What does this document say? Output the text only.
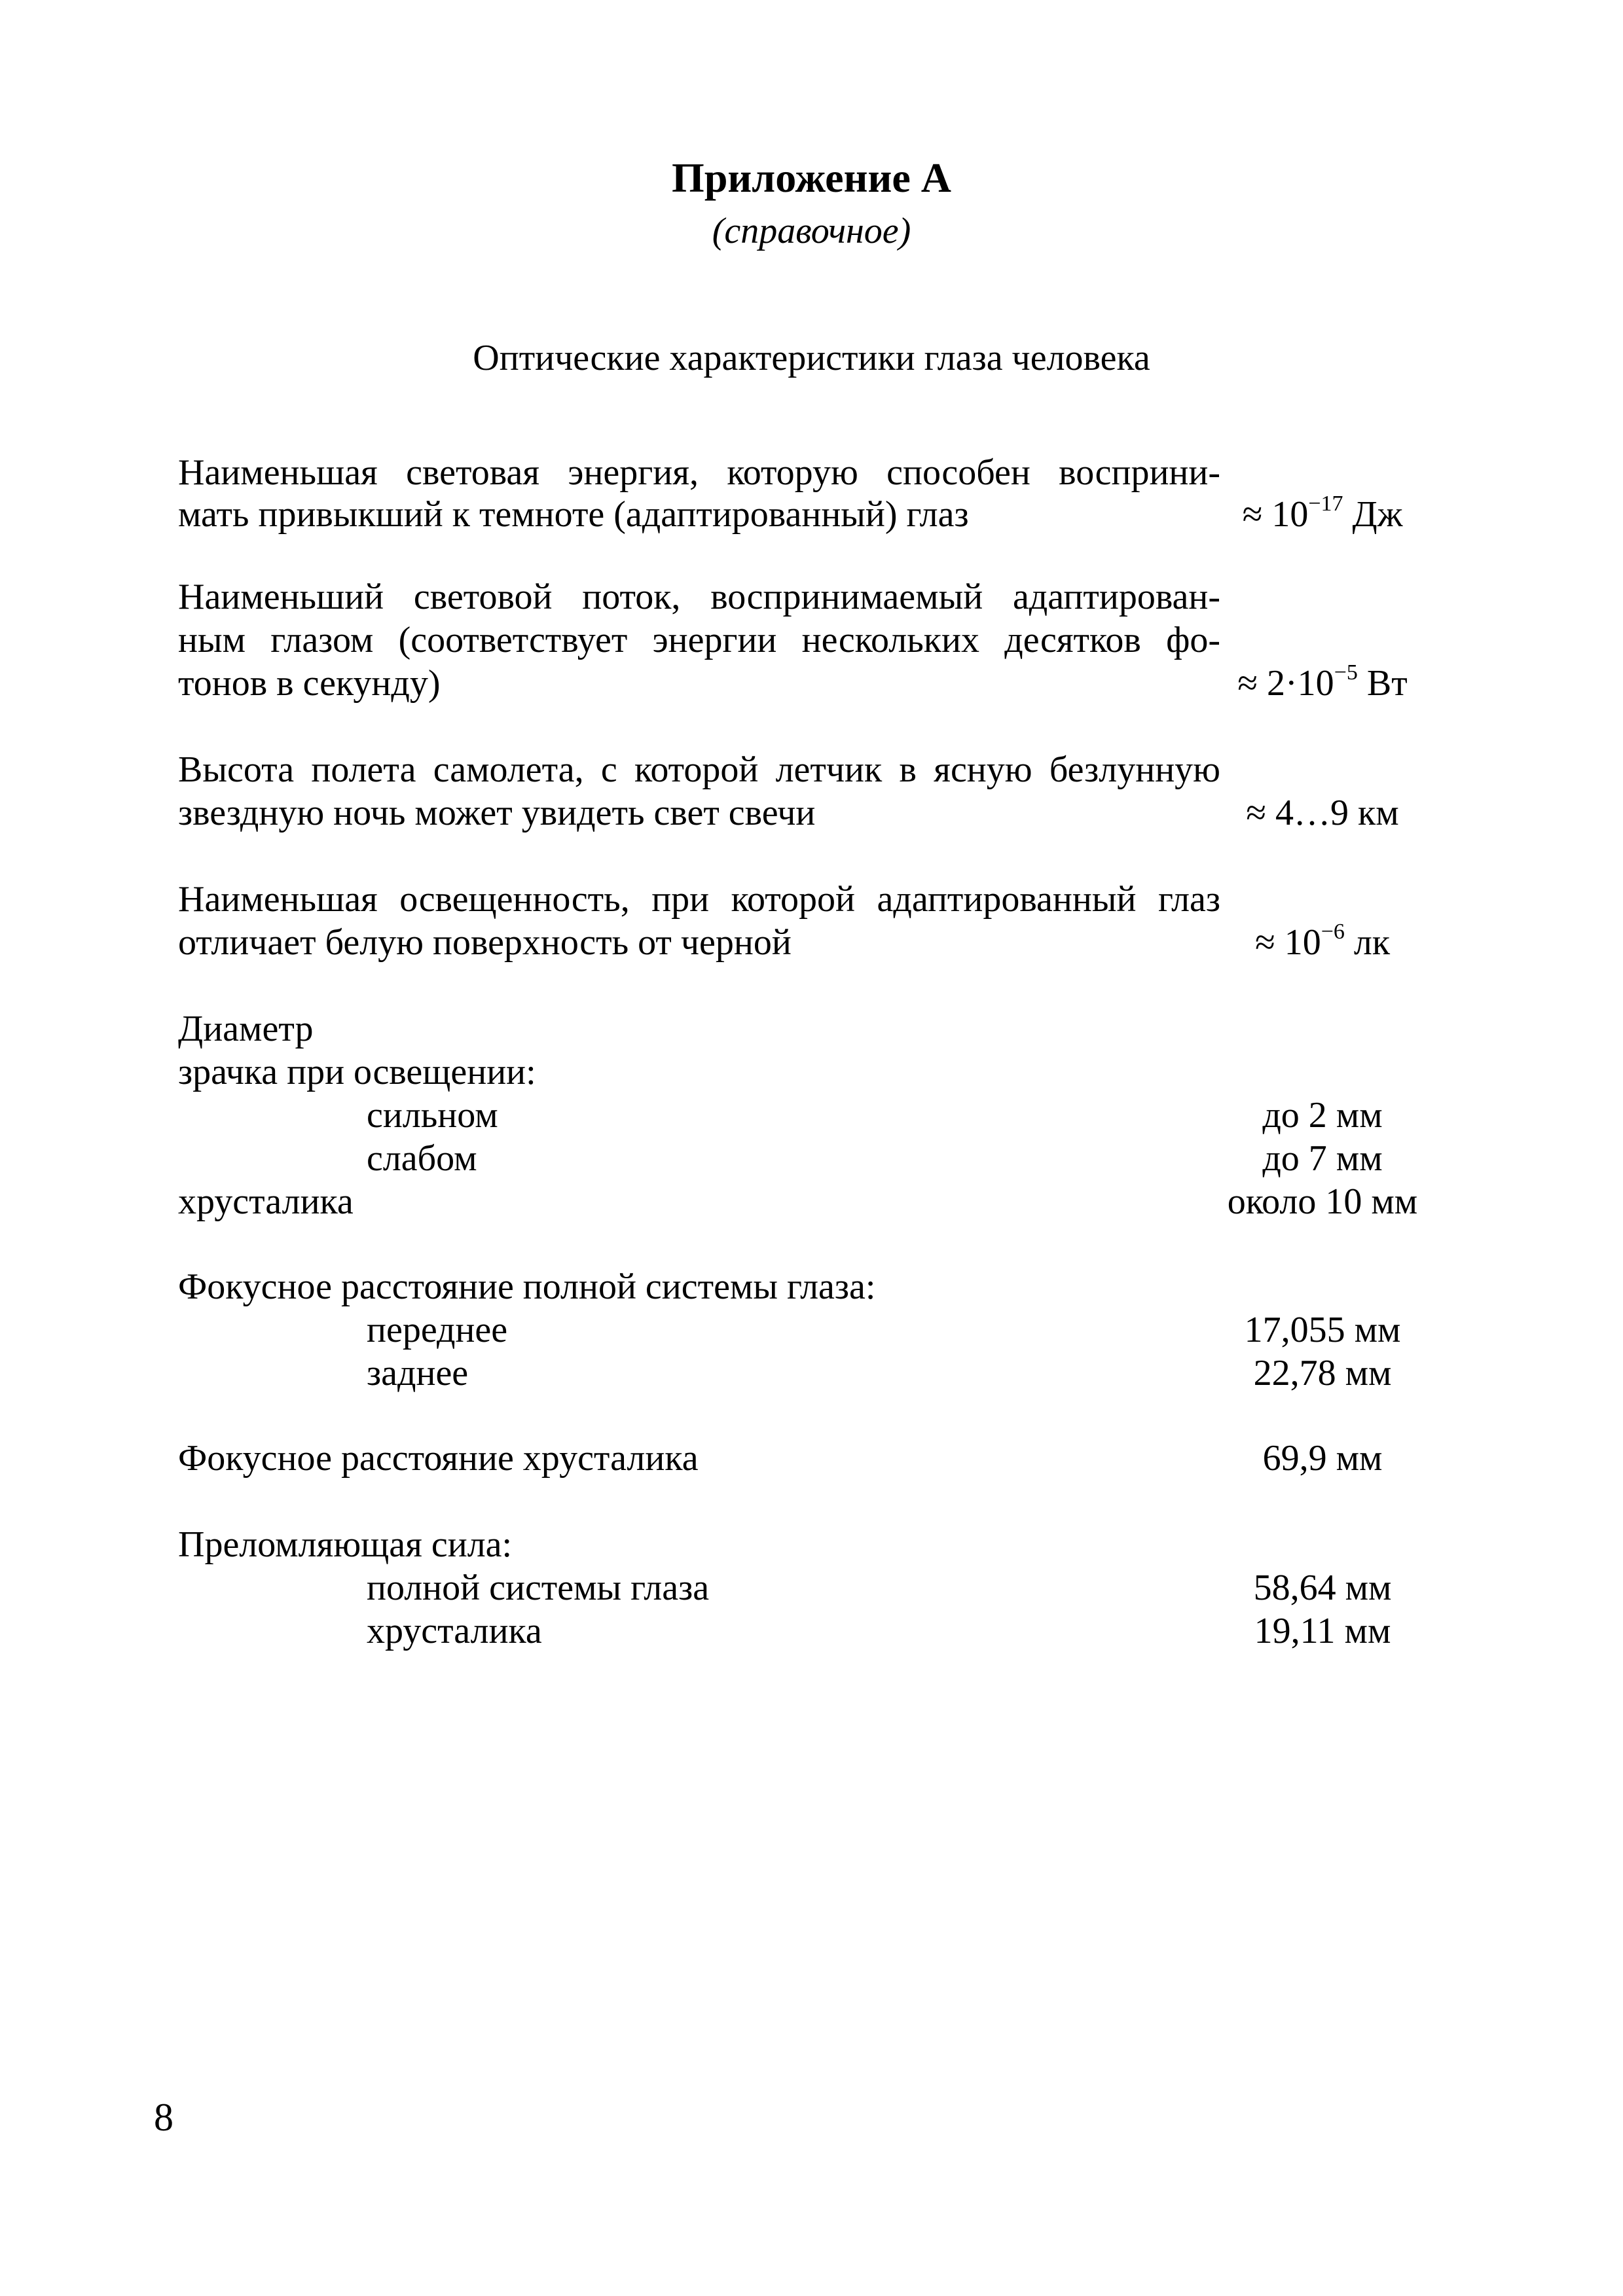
Приложение А
(справочное)
Оптические характеристики глаза человека
Наименьшая световая энергия, которую способен восприни-
мать привыкший к темноте (адаптированный) глаз	≈ $10^{-17}$ Дж
Наименьший световой поток, воспринимаемый адаптирован-
ным глазом (соответствует энергии нескольких десятков фо-
тонов в секунду)	≈ $2\cdot 10^{-5}$ Вт
Высота полета самолета, с которой летчик в ясную безлунную
звездную ночь может увидеть свет свечи	≈ 4…9 км
Наименьшая освещенность, при которой адаптированный глаз
отличает белую поверхность от черной	≈ $10^{-6}$ лк
Диаметр
зрачка при освещении:
сильном	до 2 мм
слабом	до 7 мм
хрусталика	около 10 мм
Фокусное расстояние полной системы глаза:
переднее	17,055 мм
заднее	22,78 мм
Фокусное расстояние хрусталика	69,9 мм
Преломляющая сила:
полной системы глаза	58,64 мм
хрусталика	19,11 мм
8
